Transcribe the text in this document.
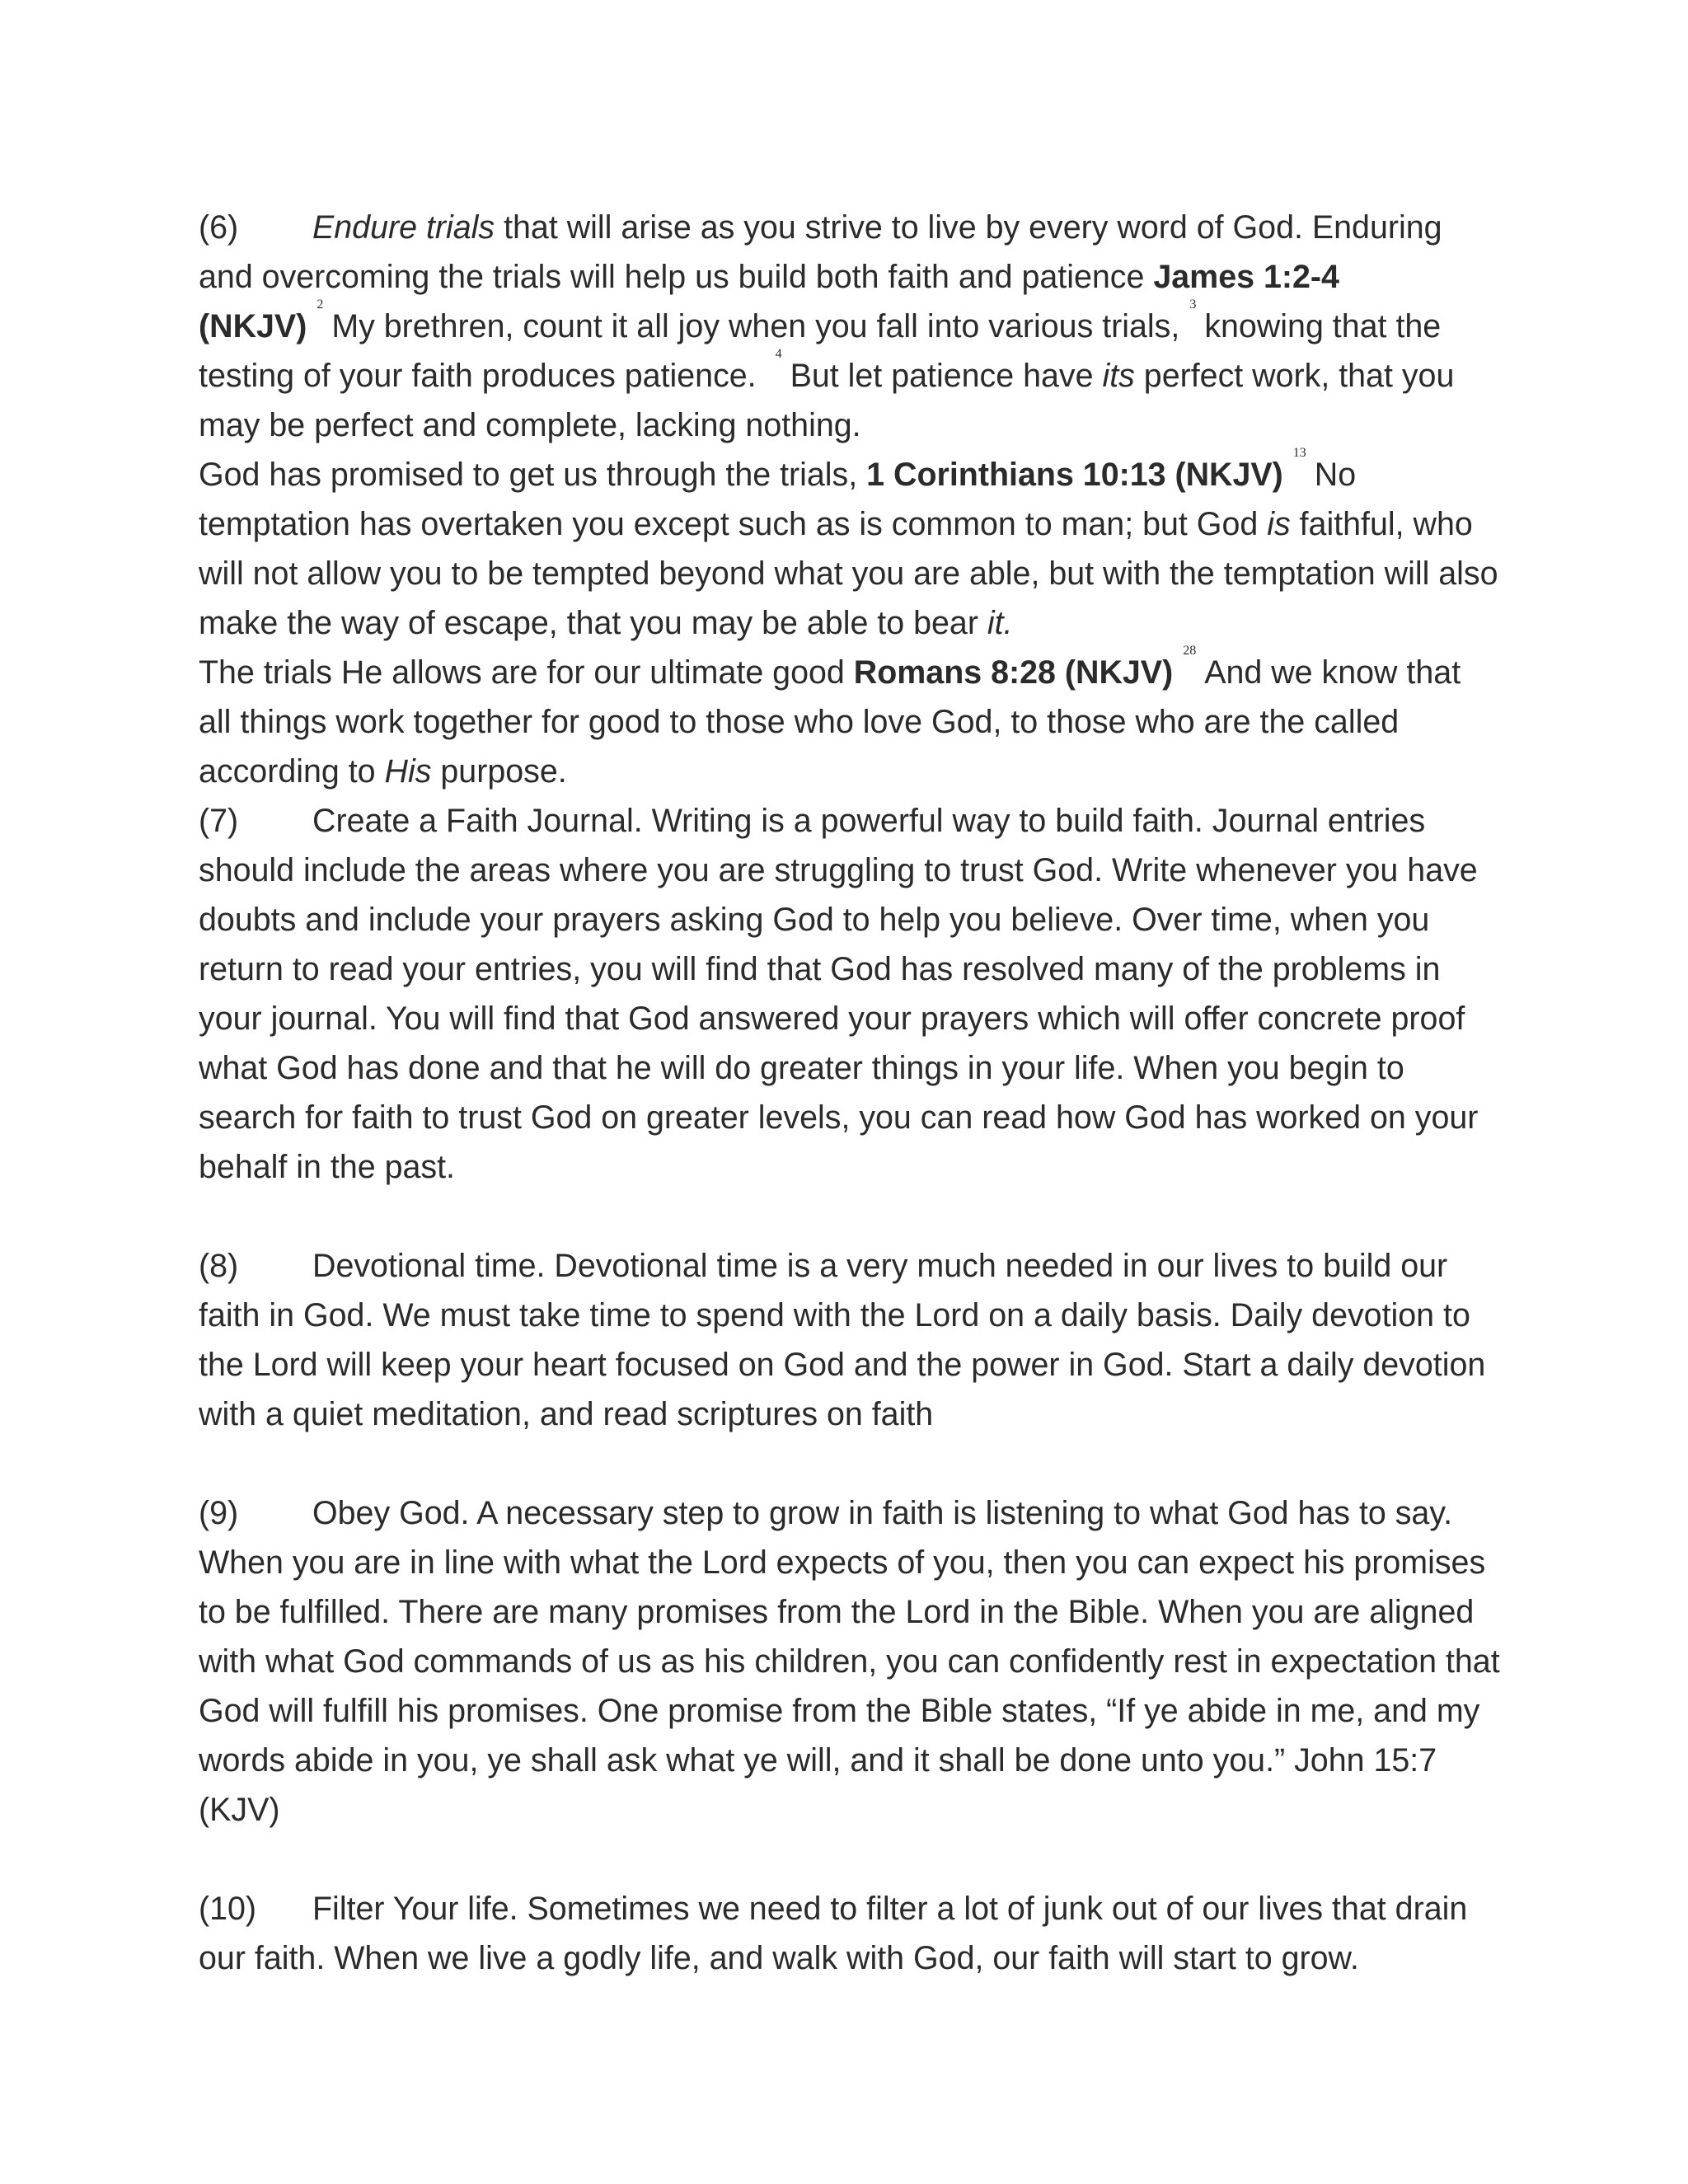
(6) Endure trials that will arise as you strive to live by every word of God. Enduring and overcoming the trials will help us build both faith and patience James 1:2-4 (NKJV)$^2$My brethren, count it all joy when you fall into various trials,$^3$knowing that the testing of your faith produces patience. $^4$But let patience have its perfect work, that you may be perfect and complete, lacking nothing.

God has promised to get us through the trials, 1 Corinthians 10:13 (NKJV)$^{13}$No temptation has overtaken you except such as is common to man; but God is faithful, who will not allow you to be tempted beyond what you are able, but with the temptation will also make the way of escape, that you may be able to bear it.

The trials He allows are for our ultimate good Romans 8:28 (NKJV)$^{28}$And we know that all things work together for good to those who love God, to those who are the called according to His purpose.

(7) Create a Faith Journal. Writing is a powerful way to build faith. Journal entries should include the areas where you are struggling to trust God. Write whenever you have doubts and include your prayers asking God to help you believe. Over time, when you return to read your entries, you will find that God has resolved many of the problems in your journal. You will find that God answered your prayers which will offer concrete proof what God has done and that he will do greater things in your life. When you begin to search for faith to trust God on greater levels, you can read how God has worked on your behalf in the past.

(8) Devotional time. Devotional time is a very much needed in our lives to build our faith in God. We must take time to spend with the Lord on a daily basis. Daily devotion to the Lord will keep your heart focused on God and the power in God. Start a daily devotion with a quiet meditation, and read scriptures on faith

(9) Obey God. A necessary step to grow in faith is listening to what God has to say. When you are in line with what the Lord expects of you, then you can expect his promises to be fulfilled. There are many promises from the Lord in the Bible. When you are aligned with what God commands of us as his children, you can confidently rest in expectation that God will fulfill his promises. One promise from the Bible states, “If ye abide in me, and my words abide in you, ye shall ask what ye will, and it shall be done unto you.” John 15:7 (KJV)

(10) Filter Your life. Sometimes we need to filter a lot of junk out of our lives that drain our faith. When we live a godly life, and walk with God, our faith will start to grow.
